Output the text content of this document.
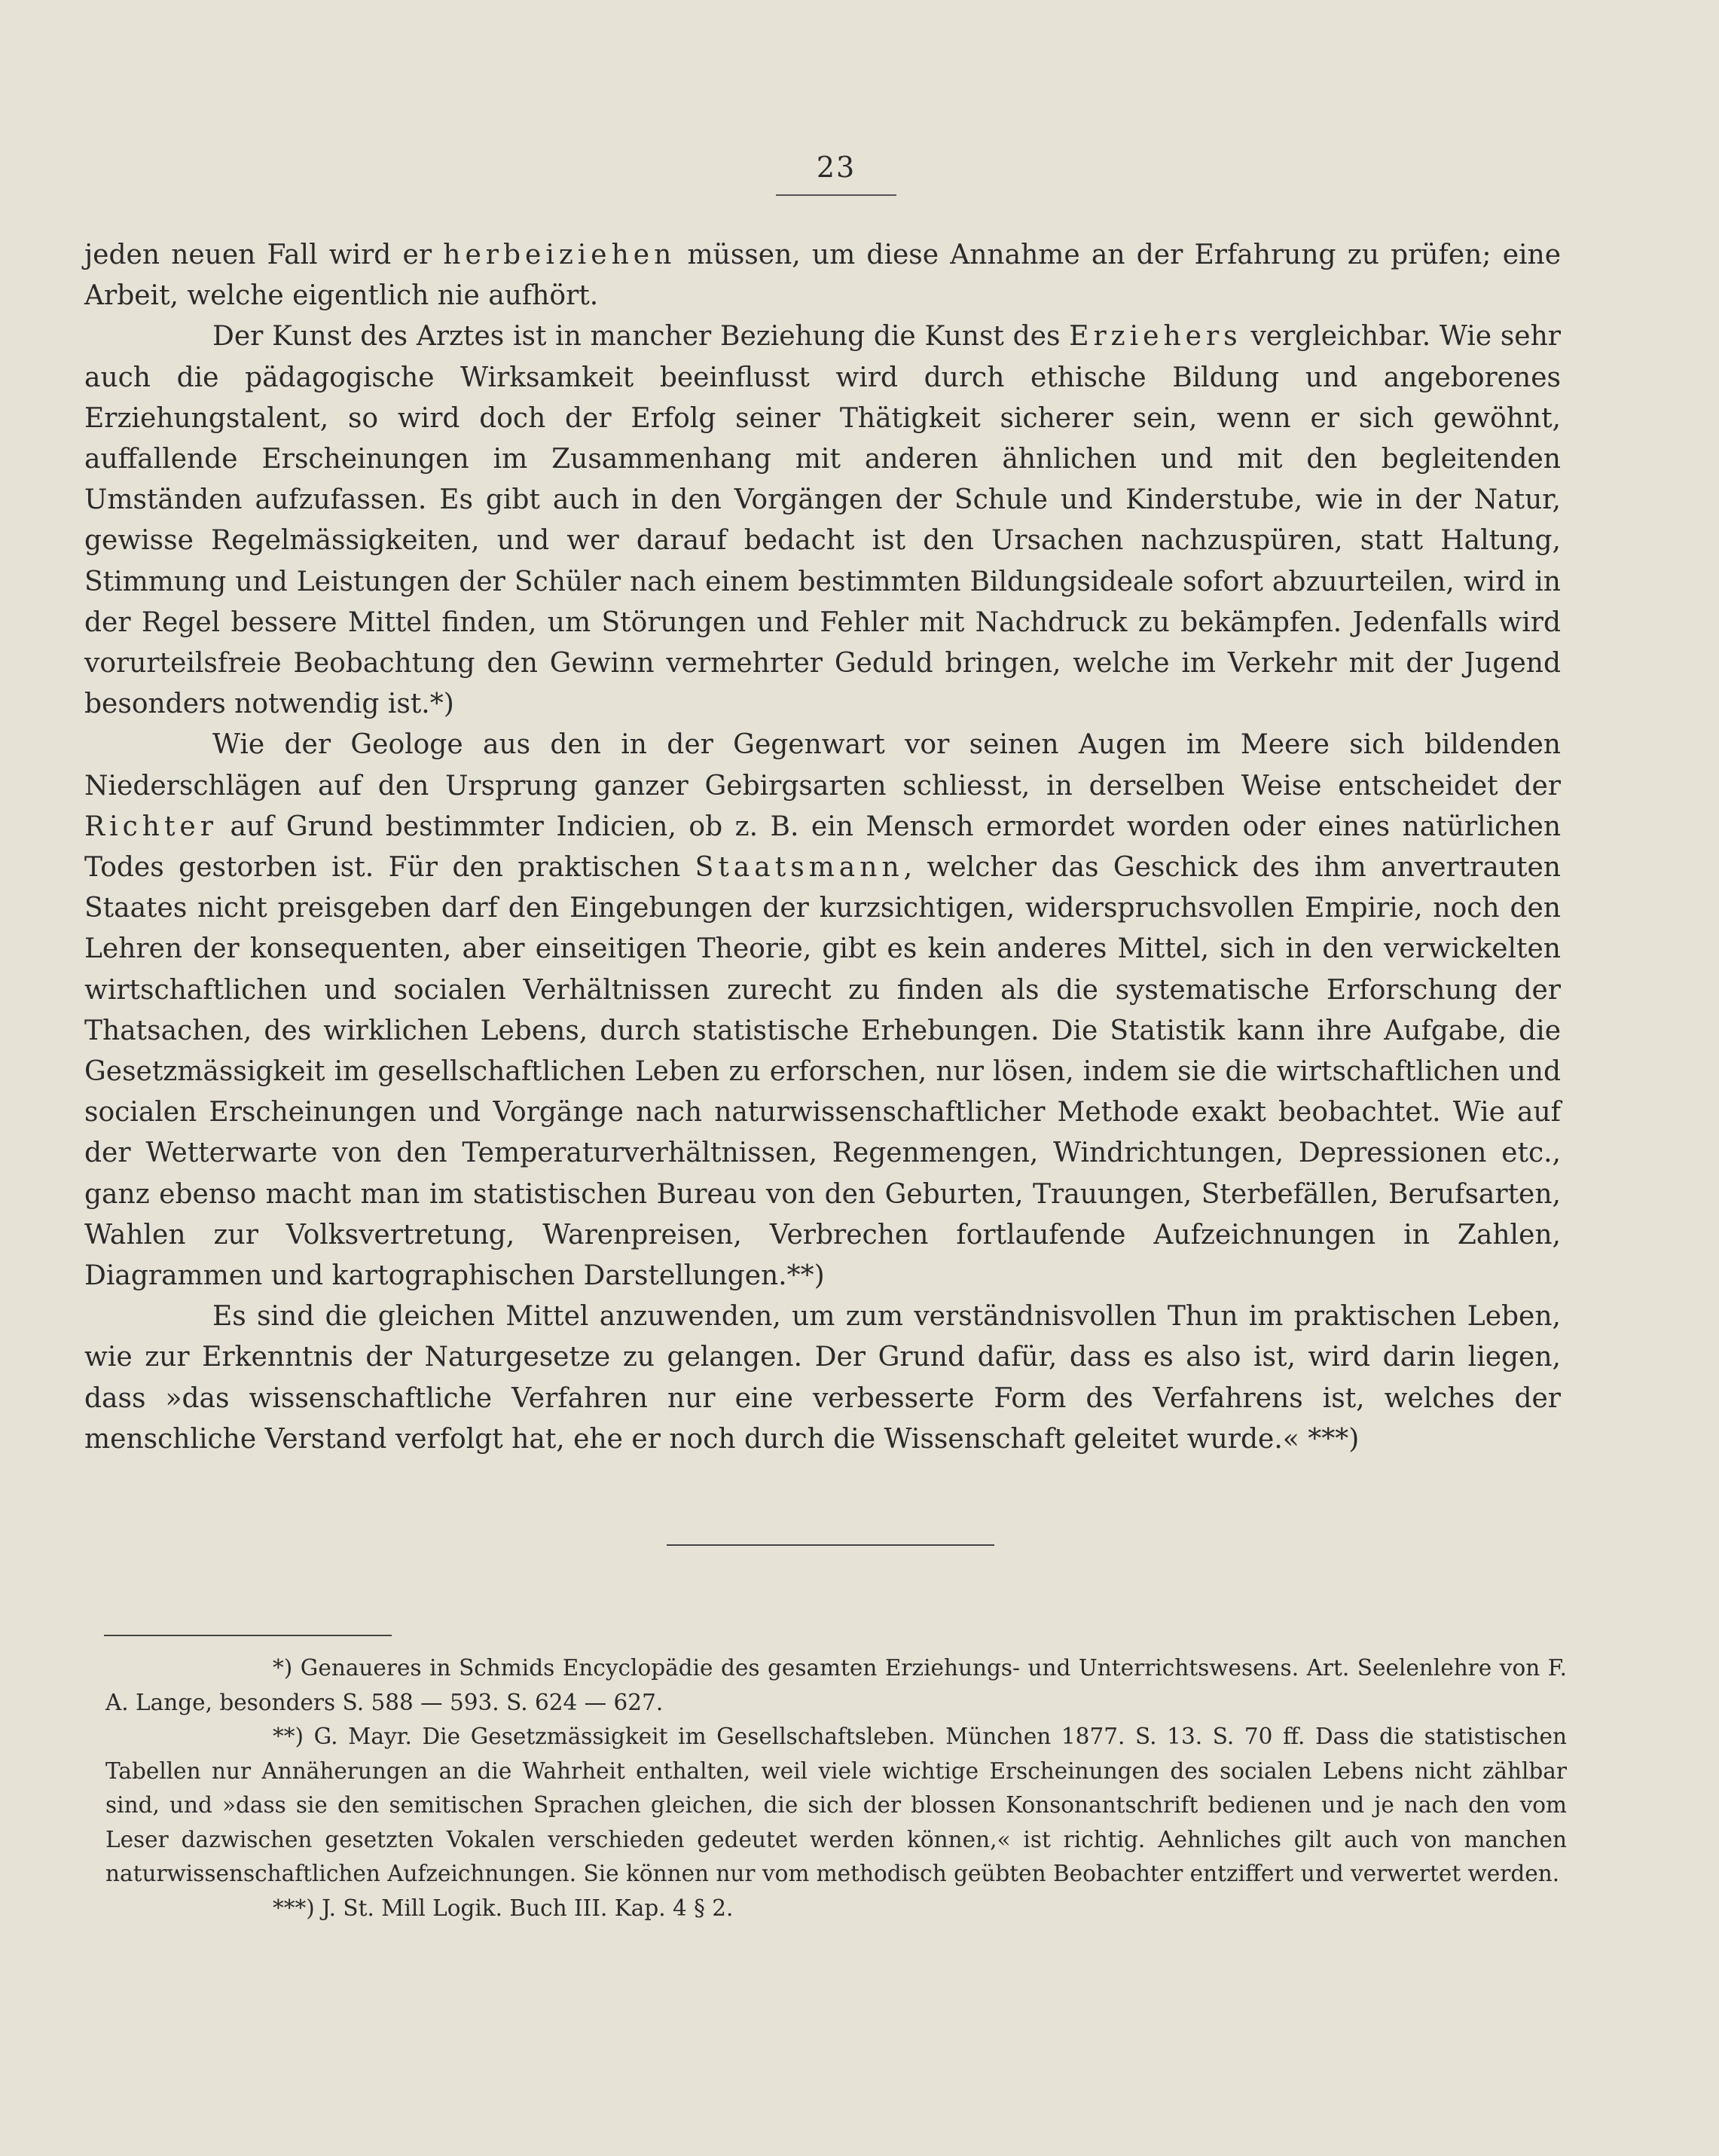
23

jeden neuen Fall wird er herbeiziehen müssen, um diese Annahme an der Erfahrung zu prüfen; eine Arbeit, welche eigentlich nie aufhört.

Der Kunst des Arztes ist in mancher Beziehung die Kunst des Erziehers vergleichbar. Wie sehr auch die pädagogische Wirksamkeit beeinflusst wird durch ethische Bildung und angeborenes Erziehungstalent, so wird doch der Erfolg seiner Thätigkeit sicherer sein, wenn er sich gewöhnt, auffallende Erscheinungen im Zusammenhang mit anderen ähnlichen und mit den begleitenden Umständen aufzufassen. Es gibt auch in den Vorgängen der Schule und Kinderstube, wie in der Natur, gewisse Regelmässigkeiten, und wer darauf bedacht ist den Ursachen nachzuspüren, statt Haltung, Stimmung und Leistungen der Schüler nach einem bestimmten Bildungsideale sofort abzuurteilen, wird in der Regel bessere Mittel finden, um Störungen und Fehler mit Nachdruck zu bekämpfen. Jedenfalls wird vorurteilsfreie Beobachtung den Gewinn vermehrter Geduld bringen, welche im Verkehr mit der Jugend besonders notwendig ist.*)

Wie der Geologe aus den in der Gegenwart vor seinen Augen im Meere sich bildenden Niederschlägen auf den Ursprung ganzer Gebirgsarten schliesst, in derselben Weise entscheidet der Richter auf Grund bestimmter Indicien, ob z. B. ein Mensch ermordet worden oder eines natürlichen Todes gestorben ist. Für den praktischen Staatsmann, welcher das Geschick des ihm anvertrauten Staates nicht preisgeben darf den Eingebungen der kurzsichtigen, widerspruchsvollen Empirie, noch den Lehren der konsequenten, aber einseitigen Theorie, gibt es kein anderes Mittel, sich in den verwickelten wirtschaftlichen und socialen Verhältnissen zurecht zu finden als die systematische Erforschung der Thatsachen, des wirklichen Lebens, durch statistische Erhebungen. Die Statistik kann ihre Aufgabe, die Gesetzmässigkeit im gesellschaftlichen Leben zu erforschen, nur lösen, indem sie die wirtschaftlichen und socialen Erscheinungen und Vorgänge nach naturwissenschaftlicher Methode exakt beobachtet. Wie auf der Wetterwarte von den Temperaturverhältnissen, Regenmengen, Windrichtungen, Depressionen etc., ganz ebenso macht man im statistischen Bureau von den Geburten, Trauungen, Sterbefällen, Berufsarten, Wahlen zur Volksvertretung, Warenpreisen, Verbrechen fortlaufende Aufzeichnungen in Zahlen, Diagrammen und kartographischen Darstellungen.**)

Es sind die gleichen Mittel anzuwenden, um zum verständnisvollen Thun im praktischen Leben, wie zur Erkenntnis der Naturgesetze zu gelangen. Der Grund dafür, dass es also ist, wird darin liegen, dass »das wissenschaftliche Verfahren nur eine verbesserte Form des Verfahrens ist, welches der menschliche Verstand verfolgt hat, ehe er noch durch die Wissenschaft geleitet wurde.« ***)

*) Genaueres in Schmids Encyclopädie des gesamten Erziehungs- und Unterrichtswesens. Art. Seelenlehre von F. A. Lange, besonders S. 588 — 593. S. 624 — 627.

**) G. Mayr. Die Gesetzmässigkeit im Gesellschaftsleben. München 1877. S. 13. S. 70 ff. Dass die statistischen Tabellen nur Annäherungen an die Wahrheit enthalten, weil viele wichtige Erscheinungen des socialen Lebens nicht zählbar sind, und »dass sie den semitischen Sprachen gleichen, die sich der blossen Konsonantschrift bedienen und je nach den vom Leser dazwischen gesetzten Vokalen verschieden gedeutet werden können,« ist richtig. Aehnliches gilt auch von manchen naturwissenschaftlichen Aufzeichnungen. Sie können nur vom methodisch geübten Beobachter entziffert und verwertet werden.

***) J. St. Mill Logik. Buch III. Kap. 4 § 2.
